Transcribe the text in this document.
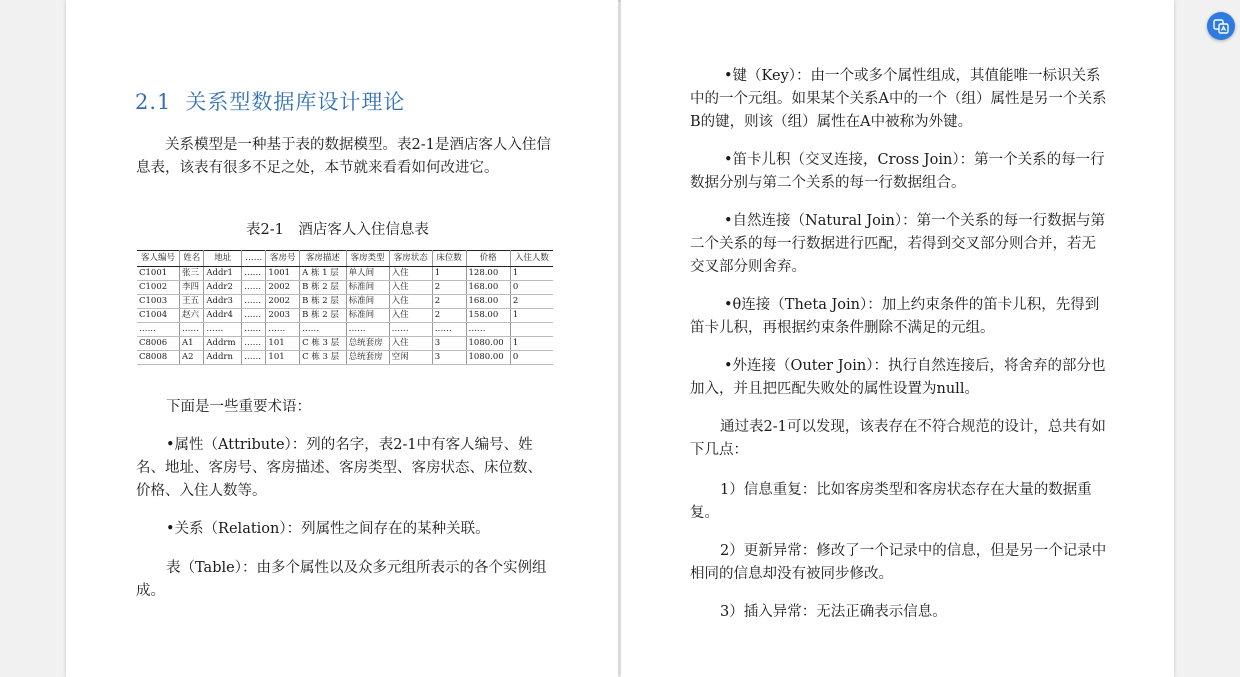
2.1 关系型数据库设计理论

关系模型是一种基于表的数据模型。表2-1是酒店客人入住信息表，该表有很多不足之处，本节就来看看如何改进它。

表2-1　酒店客人入住信息表
客人编号	姓名	地址	……	客房号	客房描述	客房类型	客房状态	床位数	价格	入住人数
C1001	张三	Addr1	……	1001	A 栋 1 层	单人间	入住	1	128.00	1
C1002	李四	Addr2	……	2002	B 栋 2 层	标准间	入住	2	168.00	0
C1003	王五	Addr3	……	2002	B 栋 2 层	标准间	入住	2	168.00	2
C1004	赵六	Addr4	……	2003	B 栋 2 层	标准间	入住	2	158.00	1
……	……	……	……	……	……	……	……	……	……	
C8006	A1	Addrm	……	101	C 栋 3 层	总统套房	入住	3	1080.00	1
C8008	A2	Addrn	……	101	C 栋 3 层	总统套房	空闲	3	1080.00	0

下面是一些重要术语：

•属性（Attribute）：列的名字，表2-1中有客人编号、姓名、地址、客房号、客房描述、客房类型、客房状态、床位数、价格、入住人数等。

•关系（Relation）：列属性之间存在的某种关联。

表（Table）：由多个属性以及众多元组所表示的各个实例组成。

•键（Key）：由一个或多个属性组成，其值能唯一标识关系中的一个元组。如果某个关系A中的一个（组）属性是另一个关系B的键，则该（组）属性在A中被称为外键。

•笛卡儿积（交叉连接，Cross Join）：第一个关系的每一行数据分别与第二个关系的每一行数据组合。

•自然连接（Natural Join）：第一个关系的每一行数据与第二个关系的每一行数据进行匹配，若得到交叉部分则合并，若无交叉部分则舍弃。

•θ连接（Theta Join）：加上约束条件的笛卡儿积，先得到笛卡儿积，再根据约束条件删除不满足的元组。

•外连接（Outer Join）：执行自然连接后，将舍弃的部分也加入，并且把匹配失败处的属性设置为null。

通过表2-1可以发现，该表存在不符合规范的设计，总共有如下几点：

1）信息重复：比如客房类型和客房状态存在大量的数据重复。

2）更新异常：修改了一个记录中的信息，但是另一个记录中相同的信息却没有被同步修改。

3）插入异常：无法正确表示信息。
